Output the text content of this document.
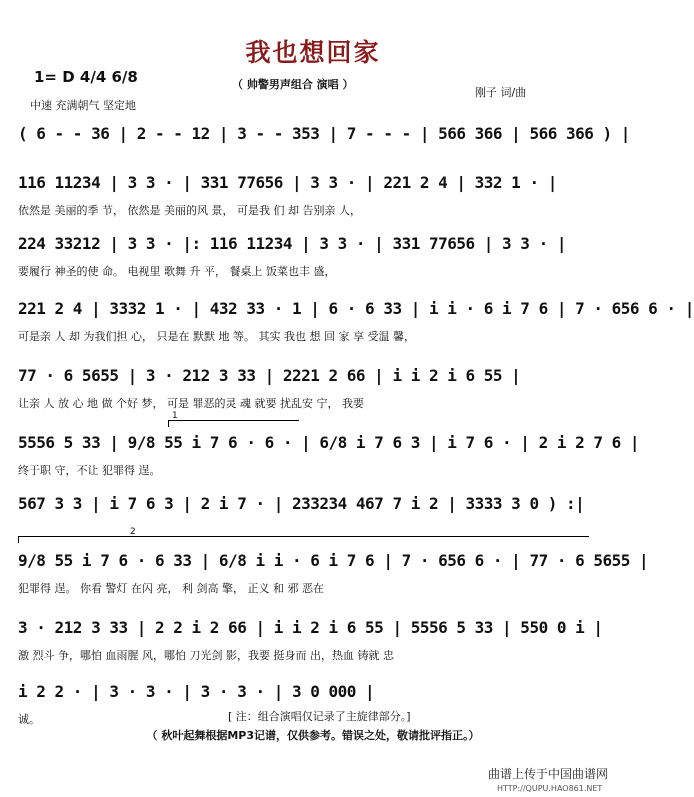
我也想回家
（ 帅警男声组合 演唱 ）
刚子 词/曲
1= D 4/4 6/8
中速 充满朝气 坚定地
( 6 - - 36 | 2 - - 12 | 3 - - 353 | 7 - - - | 566 366 | 566 366 ) |
116 11234 | 3 3 · | 331 77656 | 3 3 · | 221 2 4 | 332 1 · |
依然是 美丽的季 节， 依然是 美丽的风 景， 可是我 们 却 告别亲 人，
224 33212 | 3 3 · |: 116 11234 | 3 3 · | 331 77656 | 3 3 · |
要履行 神圣的使 命。 电视里 歌舞 升 平， 餐桌上 饭菜也丰 盛，
221 2 4 | 3332 1 · | 432 33 · 1 | 6 · 6 33 | i i · 6 i 7 6 | 7 · 656 6 · |
可是亲 人 却 为我们担 心， 只是在 默默 地 等。 其实 我也 想 回 家 享 受温 馨，
77 · 6 5655 | 3 · 212 3 33 | 2221 2 66 | i i 2 i 6 55 |
让亲 人 放 心 地 做 个好 梦， 可是 罪恶的灵 魂 就要 扰乱安 宁， 我要
1
5556 5 33 | 9/8 55 i 7 6 · 6 · | 6/8 i 7 6 3 | i 7 6 · | 2 i 2 7 6 |
终于职 守，不让 犯罪得 逞。
567 3 3 | i 7 6 3 | 2 i 7 · | 233234 467 7 i 2 | 3333 3 0 ) :|
2
9/8 55 i 7 6 · 6 33 | 6/8 i i · 6 i 7 6 | 7 · 656 6 · | 77 · 6 5655 |
犯罪得 逞。 你看 警灯 在闪 亮， 利 剑高 擎， 正义 和 邪 恶在
3 · 212 3 33 | 2 2 i 2 66 | i i 2 i 6 55 | 5556 5 33 | 550 0 i |
激 烈斗 争，哪怕 血雨腥 风，哪怕 刀光剑 影，我要 挺身而 出，热血 铸就 忠
i 2 2 · | 3 · 3 · | 3 · 3 · | 3 0 000 |
诚。	[ 注：组合演唱仅记录了主旋律部分。]
（ 秋叶起舞根据MP3记谱，仅供参考。错误之处，敬请批评指正。）
曲谱上传于中国曲谱网
HTTP://QUPU.HAO861.NET
